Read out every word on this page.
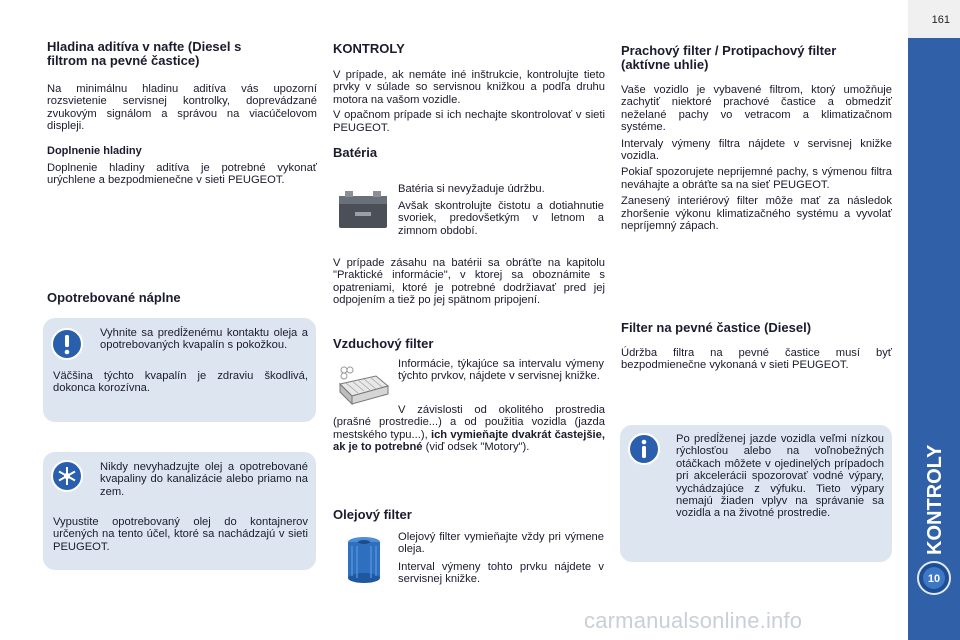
161
KONTROLY
10
Hladina aditíva v nafte (Diesel s filtrom na pevné častice)

Na minimálnu hladinu aditíva vás upozorní rozsvietenie servisnej kontrolky, doprevádzané zvukovým signálom a správou na viacúčelovom displeji.

Doplnenie hladiny

Doplnenie hladiny aditíva je potrebné vykonať urýchlene a bezpodmienečne v sieti PEUGEOT.

Opotrebované náplne

Vyhnite sa predĺženému kontaktu oleja a opotrebovaných kvapalín s pokožkou.

Väčšina týchto kvapalín je zdraviu škodlivá, dokonca korozívna.

Nikdy nevyhadzujte olej a opotrebované kvapaliny do kanalizácie alebo priamo na zem.

Vypustite opotrebovaný olej do kontajnerov určených na tento účel, ktoré sa nachádzajú v sieti PEUGEOT.

KONTROLY

V prípade, ak nemáte iné inštrukcie, kontrolujte tieto prvky v súlade so servisnou knižkou a podľa druhu motora na vašom vozidle.

V opačnom prípade si ich nechajte skontrolovať v sieti PEUGEOT.

Batéria

Batéria si nevyžaduje údržbu.

Avšak skontrolujte čistotu a dotiahnutie svoriek, predovšetkým v letnom a zimnom období.

V prípade zásahu na batérii sa obráťte na kapitolu "Praktické informácie", v ktorej sa oboznámite s opatreniami, ktoré je potrebné dodržiavať pred jej odpojením a tiež po jej spätnom pripojení.

Vzduchový filter

Informácie, týkajúce sa intervalu výmeny týchto prvkov, nájdete v servisnej knižke.

V závislosti od okolitého prostredia (prašné prostredie...) a od použitia vozidla (jazda mestského typu...), ich vymieňajte dvakrát častejšie, ak je to potrebné (viď odsek "Motory").

Olejový filter

Olejový filter vymieňajte vždy pri výmene oleja.

Interval výmeny tohto prvku nájdete v servisnej knižke.

Prachový filter / Protipachový filter (aktívne uhlie)

Vaše vozidlo je vybavené filtrom, ktorý umožňuje zachytiť niektoré prachové častice a obmedziť neželané pachy vo vetracom a klimatizačnom systéme.

Intervaly výmeny filtra nájdete v servisnej knižke vozidla.

Pokiaľ spozorujete neprijemné pachy, s výmenou filtra neváhajte a obráťte sa na sieť PEUGEOT.

Zanesený interiérový filter môže mať za následok zhoršenie výkonu klimatizačného systému a vyvolať nepríjemný zápach.

Filter na pevné častice (Diesel)

Údržba filtra na pevné častice musí byť bezpodmienečne vykonaná v sieti PEUGEOT.

Po predĺženej jazde vozidla veľmi nízkou rýchlosťou alebo na voľnobežných otáčkach môžete v ojedinelých prípadoch pri akcelerácii spozorovať vodné výpary, vychádzajúce z výfuku. Tieto výpary nemajú žiaden vplyv na správanie sa vozidla a na životné prostredie.

carmanualsonline.info
